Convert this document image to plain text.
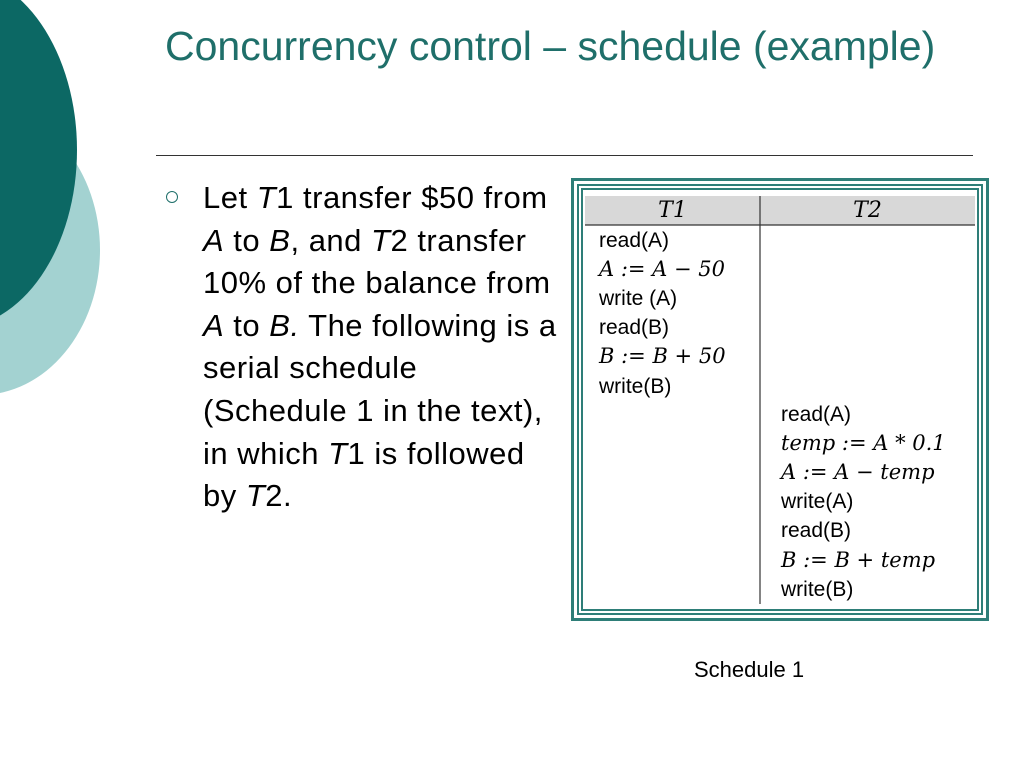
Concurrency control – schedule (example)
Let T1 transfer $50 from A to B, and T2 transfer 10% of the balance from A to B. The following is a serial schedule (Schedule 1 in the text), in which T1 is followed by T2.
T1	T2
read(A)
A := A − 50
write (A)
read(B)
B := B + 50
write(B)
read(A)
temp := A * 0.1
A := A − temp
write(A)
read(B)
B := B + temp
write(B)
Schedule 1
